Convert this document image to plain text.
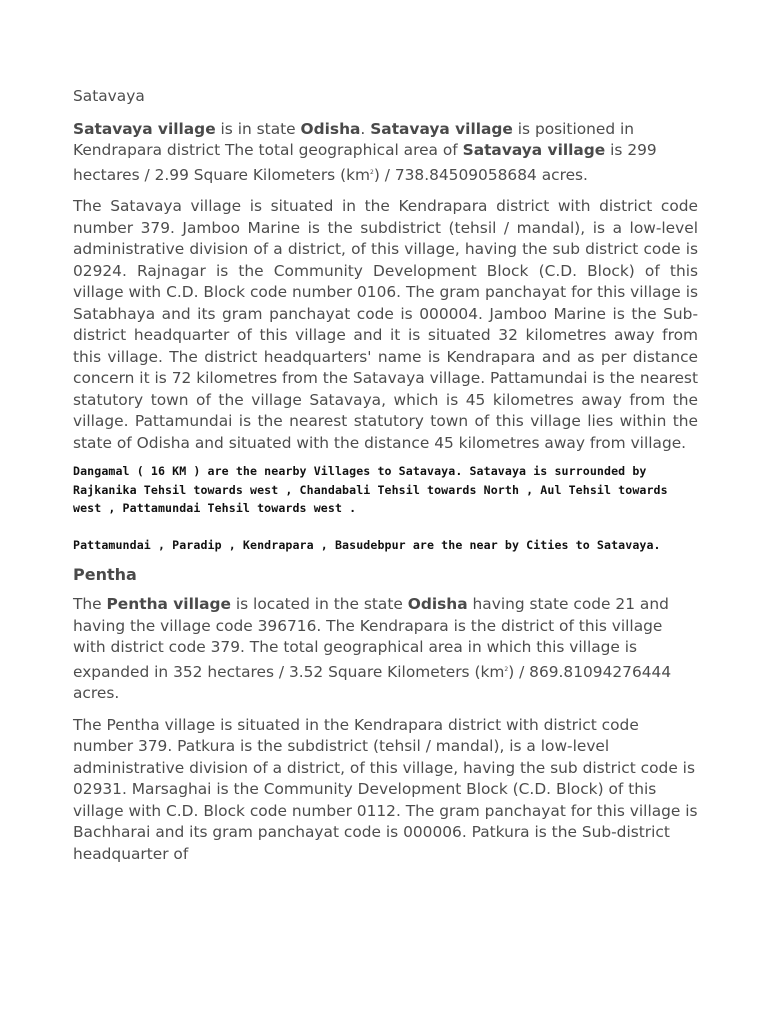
Satavaya

Satavaya village is in state Odisha. Satavaya village is positioned in Kendrapara district The total geographical area of Satavaya village is 299 hectares / 2.99 Square Kilometers $(km^2) / 738.84509058684$ acres.

The Satavaya village is situated in the Kendrapara district with district code number 379. Jamboo Marine is the subdistrict (tehsil / mandal), is a low-level administrative division of a district, of this village, having the sub district code is 02924. Rajnagar is the Community Development Block (C.D. Block) of this village with C.D. Block code number 0106. The gram panchayat for this village is Satabhaya and its gram panchayat code is 000004. Jamboo Marine is the Sub-district headquarter of this village and it is situated 32 kilometres away from this village. The district headquarters' name is Kendrapara and as per distance concern it is 72 kilometres from the Satavaya village. Pattamundai is the nearest statutory town of the village Satavaya, which is 45 kilometres away from the village. Pattamundai is the nearest statutory town of this village lies within the state of Odisha and situated with the distance 45 kilometres away from village.

Dangamal ( 16 KM ) are the nearby Villages to Satavaya. Satavaya is surrounded by Rajkanika Tehsil towards west , Chandabali Tehsil towards North , Aul Tehsil towards west , Pattamundai Tehsil towards west .

Pattamundai , Paradip , Kendrapara , Basudebpur are the near by Cities to Satavaya.

Pentha

The Pentha village is located in the state Odisha having state code 21 and having the village code 396716. The Kendrapara is the district of this village with district code 379. The total geographical area in which this village is expanded in 352 hectares / 3.52 Square Kilometers $(km^2) / 869.81094276444$ acres.

The Pentha village is situated in the Kendrapara district with district code number 379. Patkura is the subdistrict (tehsil / mandal), is a low-level administrative division of a district, of this village, having the sub district code is 02931. Marsaghai is the Community Development Block (C.D. Block) of this village with C.D. Block code number 0112. The gram panchayat for this village is Bachharai and its gram panchayat code is 000006. Patkura is the Sub-district headquarter of
